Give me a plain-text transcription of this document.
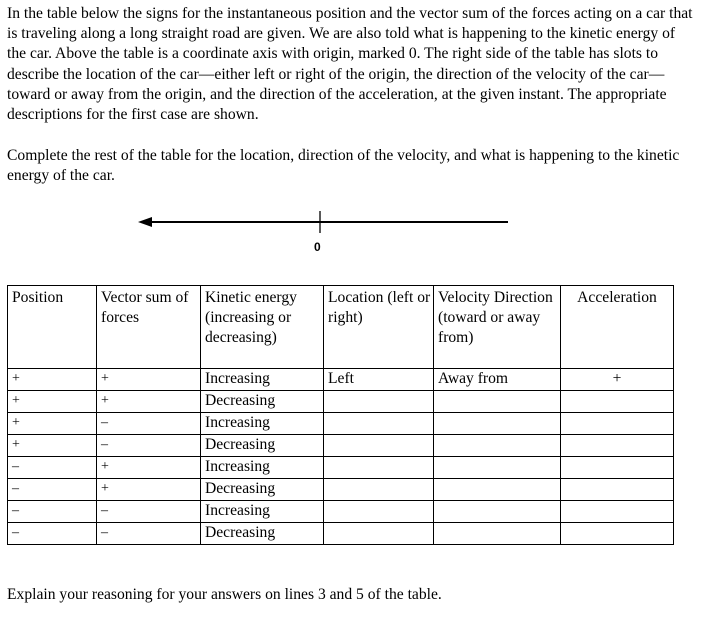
In the table below the signs for the instantaneous position and the vector sum of the forces acting on a car that is traveling along a long straight road are given. We are also told what is happening to the kinetic energy of the car. Above the table is a coordinate axis with origin, marked 0. The right side of the table has slots to describe the location of the car—either left or right of the origin, the direction of the velocity of the car—toward or away from the origin, and the direction of the acceleration, at the given instant. The appropriate descriptions for the first case are shown.

Complete the rest of the table for the location, direction of the velocity, and what is happening to the kinetic energy of the car.

0
Position	Vector sum of forces	Kinetic energy (increasing or decreasing)	Location (left or right)	Velocity Direction (toward or away from)	Acceleration
+	+	Increasing	Left	Away from	+
+	+	Decreasing			
+	–	Increasing			
+	–	Decreasing			
–	+	Increasing			
–	+	Decreasing			
–	–	Increasing			
–	–	Decreasing			
Explain your reasoning for your answers on lines 3 and 5 of the table.
